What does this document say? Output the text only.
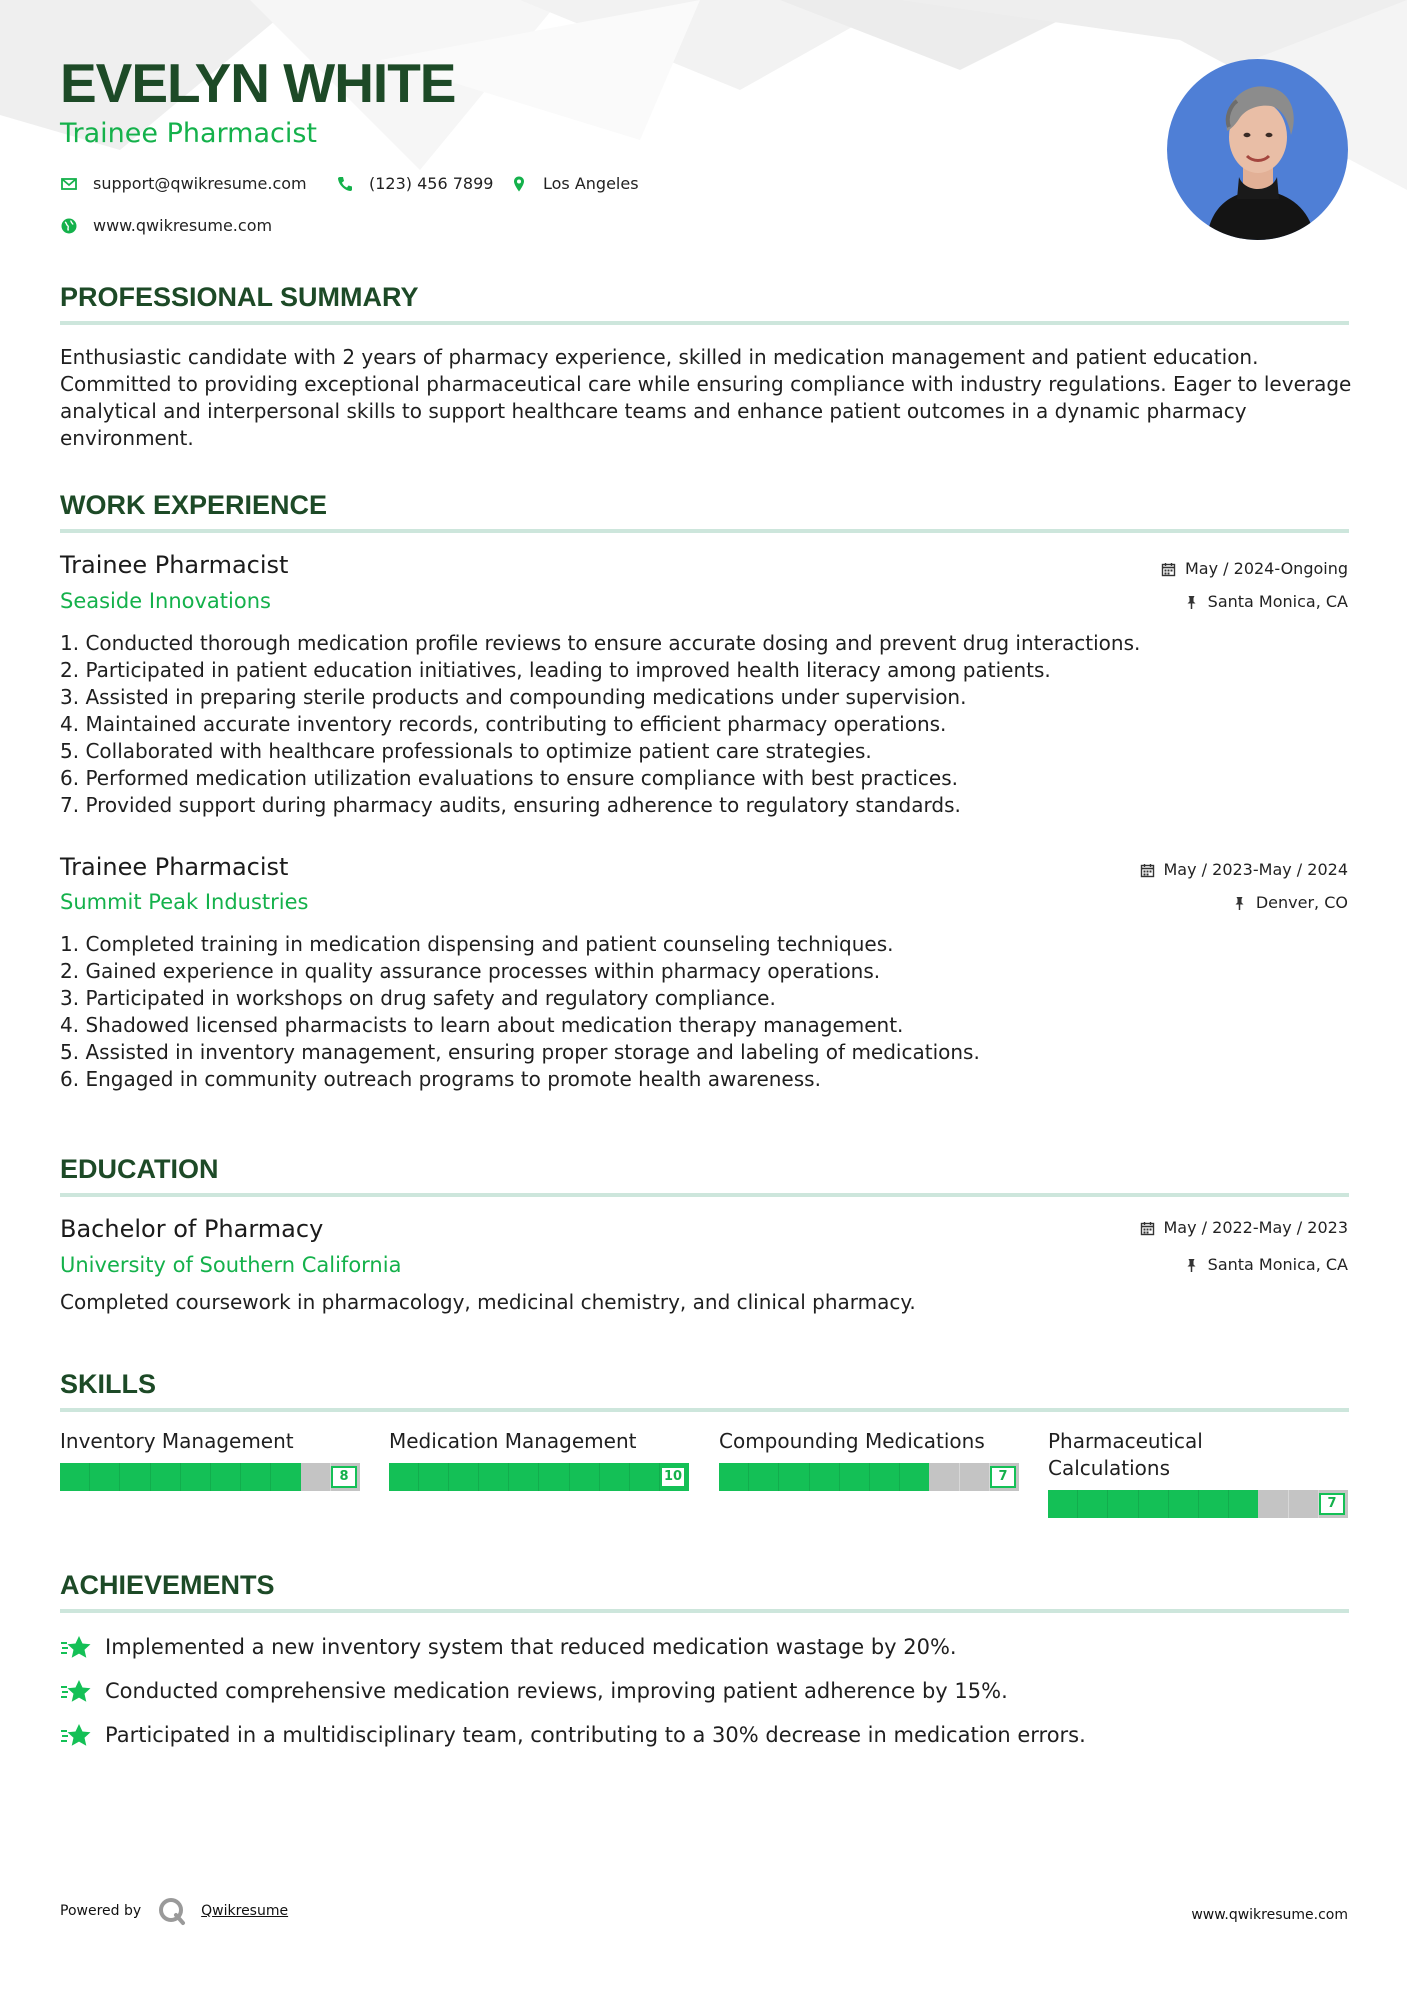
EVELYN WHITE
Trainee Pharmacist
support@qwikresume.com	(123) 456 7899	Los Angeles
www.qwikresume.com
PROFESSIONAL SUMMARY

Enthusiastic candidate with 2 years of pharmacy experience, skilled in medication management and patient education. Committed to providing exceptional pharmaceutical care while ensuring compliance with industry regulations. Eager to leverage analytical and interpersonal skills to support healthcare teams and enhance patient outcomes in a dynamic pharmacy environment.

WORK EXPERIENCE
Trainee Pharmacist
Seaside Innovations
May / 2024-Ongoing
Santa Monica, CA
1. Conducted thorough medication profile reviews to ensure accurate dosing and prevent drug interactions.
2. Participated in patient education initiatives, leading to improved health literacy among patients.
3. Assisted in preparing sterile products and compounding medications under supervision.
4. Maintained accurate inventory records, contributing to efficient pharmacy operations.
5. Collaborated with healthcare professionals to optimize patient care strategies.
6. Performed medication utilization evaluations to ensure compliance with best practices.
7. Provided support during pharmacy audits, ensuring adherence to regulatory standards.
Trainee Pharmacist
Summit Peak Industries
May / 2023-May / 2024
Denver, CO
1. Completed training in medication dispensing and patient counseling techniques.
2. Gained experience in quality assurance processes within pharmacy operations.
3. Participated in workshops on drug safety and regulatory compliance.
4. Shadowed licensed pharmacists to learn about medication therapy management.
5. Assisted in inventory management, ensuring proper storage and labeling of medications.
6. Engaged in community outreach programs to promote health awareness.
EDUCATION
Bachelor of Pharmacy
University of Southern California
May / 2022-May / 2023
Santa Monica, CA

Completed coursework in pharmacology, medicinal chemistry, and clinical pharmacy.

SKILLS
Inventory Management
8
Medication Management
10
Compounding Medications
7
Pharmaceutical Calculations
7
ACHIEVEMENTS
Implemented a new inventory system that reduced medication wastage by 20%.
Conducted comprehensive medication reviews, improving patient adherence by 15%.
Participated in a multidisciplinary team, contributing to a 30% decrease in medication errors.
Powered by	Qwikresume	www.qwikresume.com
